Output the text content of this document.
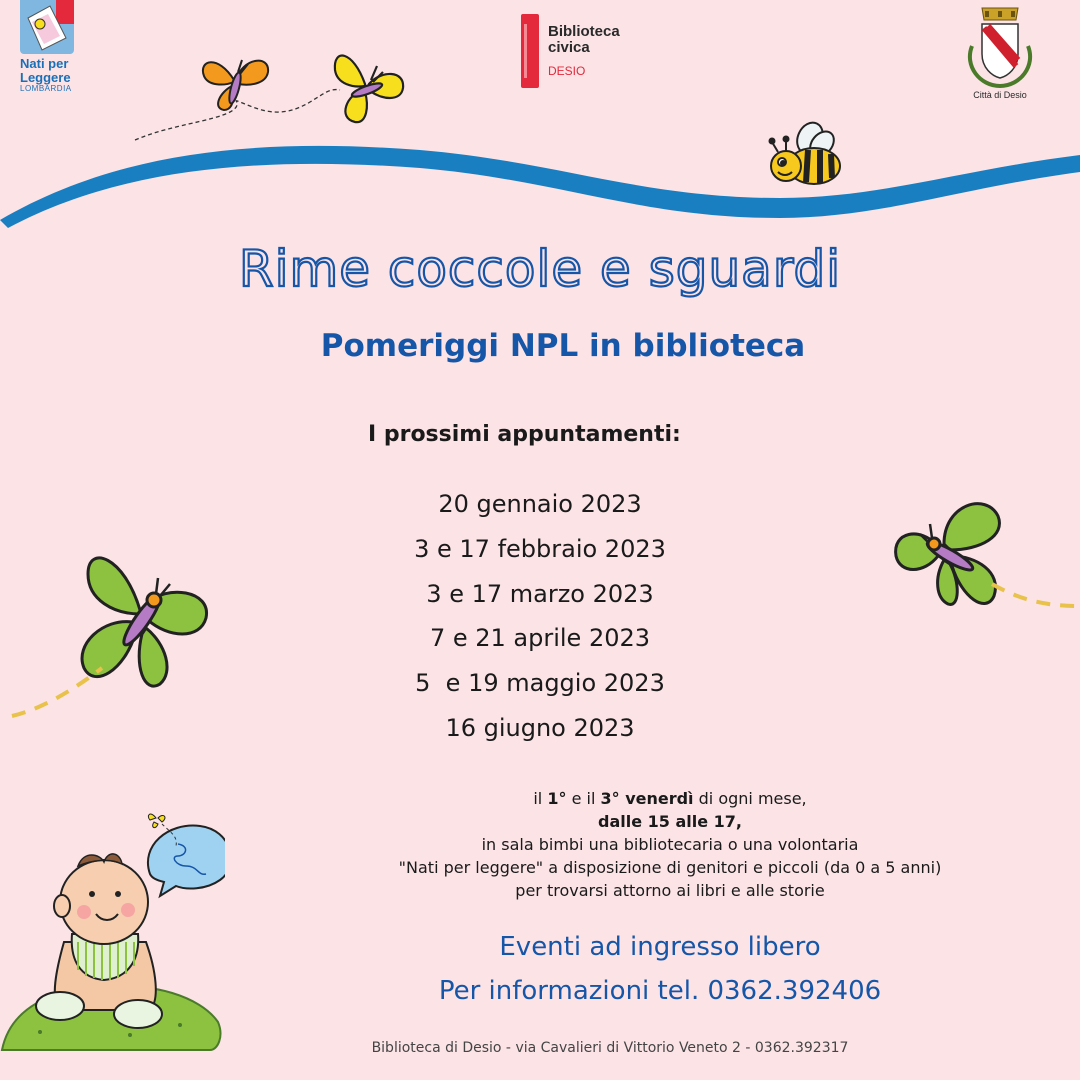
Nati per
Leggere
LOMBARDIA
Biblioteca
civica
DESIO
Città di Desio
Rime coccole e sguardi
Pomeriggi NPL in biblioteca
I prossimi appuntamenti:
20 gennaio 2023
3 e 17 febbraio 2023
3 e 17 marzo 2023
7 e 21 aprile 2023
5  e 19 maggio 2023
16 giugno 2023
il 1° e il 3° venerdì di ogni mese,
dalle 15 alle 17,
in sala bimbi una bibliotecaria o una volontaria
"Nati per leggere" a disposizione di genitori e piccoli (da 0 a 5 anni)
per trovarsi attorno ai libri e alle storie
Eventi ad ingresso libero
Per informazioni tel. 0362.392406
Biblioteca di Desio - via Cavalieri di Vittorio Veneto 2 - 0362.392317
